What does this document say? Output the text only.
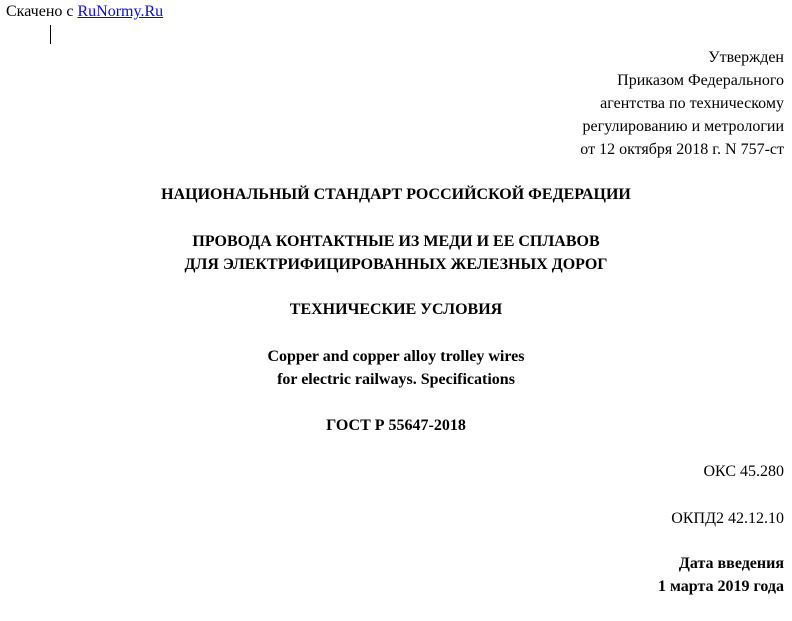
Скачено с RuNormy.Ru
Утвержден
Приказом Федерального
агентства по техническому
регулированию и метрологии
от 12 октября 2018 г. N 757-ст
НАЦИОНАЛЬНЫЙ СТАНДАРТ РОССИЙСКОЙ ФЕДЕРАЦИИ
ПРОВОДА КОНТАКТНЫЕ ИЗ МЕДИ И ЕЕ СПЛАВОВ
ДЛЯ ЭЛЕКТРИФИЦИРОВАННЫХ ЖЕЛЕЗНЫХ ДОРОГ
ТЕХНИЧЕСКИЕ УСЛОВИЯ
Copper and copper alloy trolley wires
for electric railways. Specifications
ГОСТ Р 55647-2018
ОКС 45.280
ОКПД2 42.12.10
Дата введения
1 марта 2019 года
